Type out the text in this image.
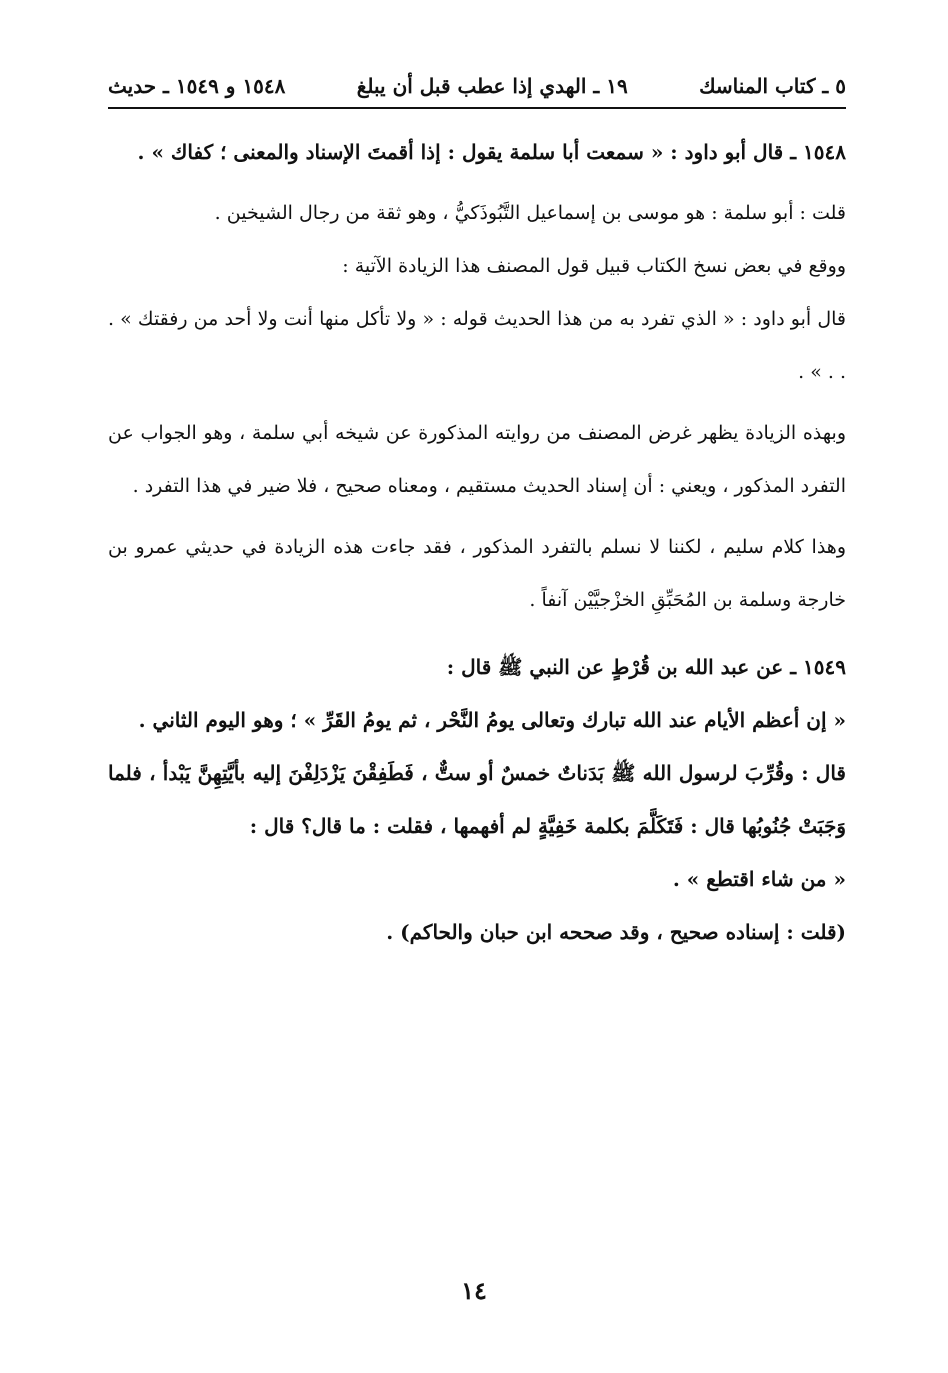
٥ ـ كتاب المناسك
١٩ ـ الهدي إذا عطب قبل أن يبلغ
١٥٤٨ و ١٥٤٩ ـ حديث

١٥٤٨ ـ قال أبو داود : « سمعت أبا سلمة يقول : إذا أقمتَ الإسناد والمعنى ؛ كفاك » .

قلت : أبو سلمة : هو موسى بن إسماعيل التَّبُوذَكيُّ ، وهو ثقة من رجال الشيخين .

ووقع في بعض نسخ الكتاب قبيل قول المصنف هذا الزيادة الآتية :

قال أبو داود : « الذي تفرد به من هذا الحديث قوله : « ولا تأكل منها أنت ولا أحد من رفقتك » . . . » .

وبهذه الزيادة يظهر غرض المصنف من روايته المذكورة عن شيخه أبي سلمة ، وهو الجواب عن التفرد المذكور ، ويعني : أن إسناد الحديث مستقيم ، ومعناه صحيح ، فلا ضير في هذا التفرد .

وهذا كلام سليم ، لكننا لا نسلم بالتفرد المذكور ، فقد جاءت هذه الزيادة في حديثي عمرو بن خارجة وسلمة بن المُحَبِّقِ الخزْجيَّيْن آنفاً .

١٥٤٩ ـ عن عبد الله بن قُرْطٍ عن النبي ﷺ قال :

« إن أعظم الأيام عند الله تبارك وتعالى يومُ النَّحْر ، ثم يومُ القَرِّ » ؛ وهو اليوم الثاني .

قال : وقُرِّبَ لرسول الله ﷺ بَدَناتٌ خمسٌ أو ستٌّ ، فَطَفِقْنَ يَزْدَلِفْنَ إليه بأيَّتِهِنَّ يَبْدأ ، فلما وَجَبَتْ جُنُوبُها قال : فَتَكَلَّمَ بكلمة خَفِيَّةٍ لم أفهمها ، فقلت : ما قال؟ قال :

« من شاء اقتطع » .

(قلت : إسناده صحيح ، وقد صححه ابن حبان والحاكم) .

١٤
